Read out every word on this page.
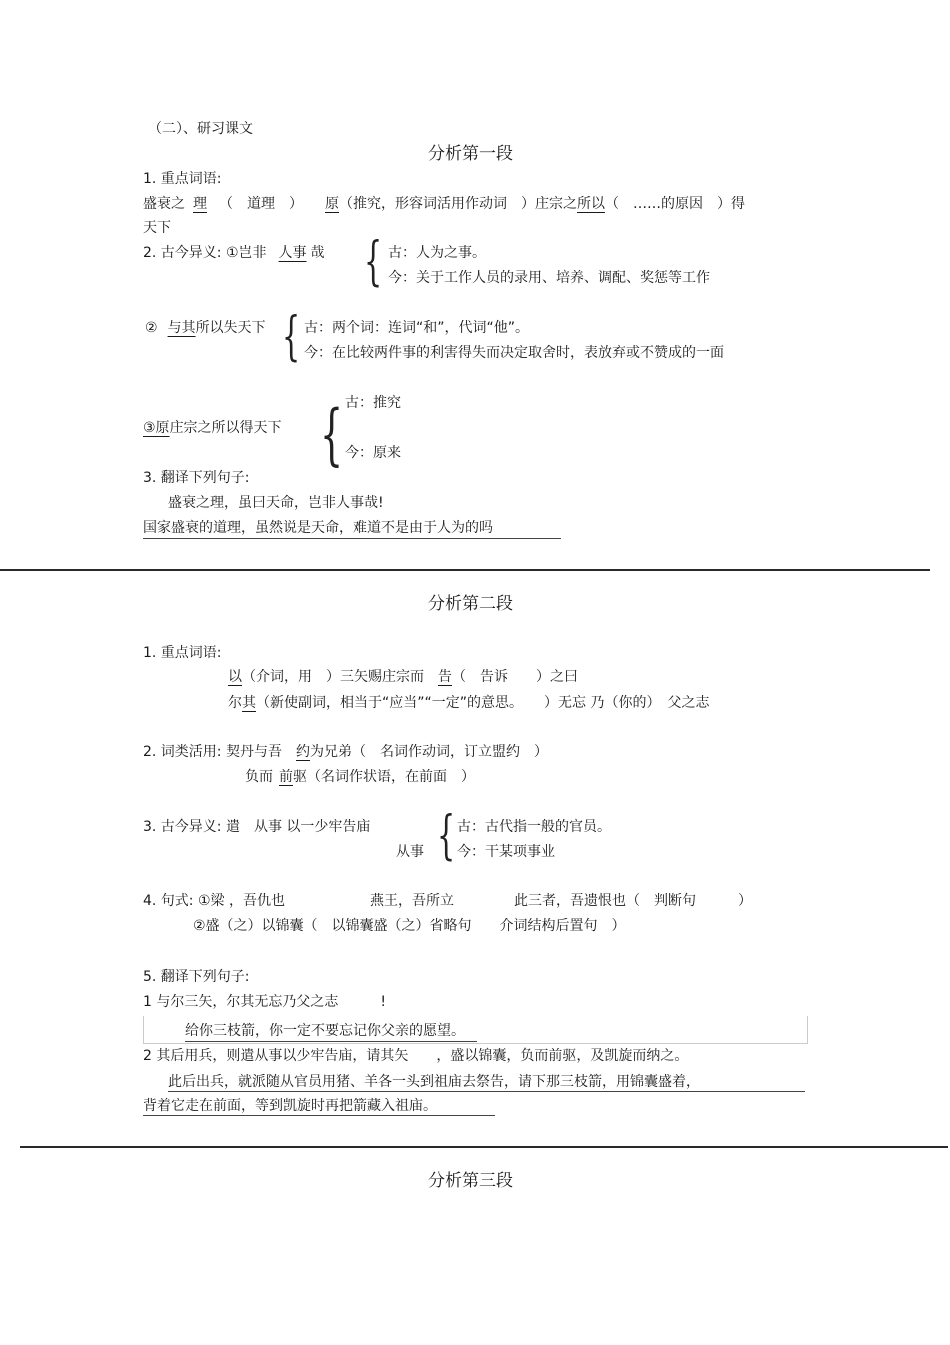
（二）、研习课文
分析第一段
1. 重点词语:
盛衰之 理 （　道理　） 原（推究，形容词活用作动词　）庄宗之所以（　……的原因　）得
天下
2. 古今异义: ①岂非 人事 哉 { 古：人为之事。
今：关于工作人员的录用、培养、调配、奖惩等工作
② 与其所以失天下 { 古：两个词：连词“和”，代词“他”。
今：在比较两件事的利害得失而决定取舍时，表放弃或不赞成的一面
古：推究
③原庄宗之所以得天下 { 今：原来
3. 翻译下列句子:
盛衰之理，虽曰天命，岂非人事哉!
国家盛衰的道理，虽然说是天命，难道不是由于人为的吗
分析第二段
1. 重点词语:
以（介词，用　）三矢赐庄宗而 告（　告诉　　）之曰
尔其（新使副词，相当于“应当”“一定”的意思。　　）无忘 乃（你的）　父之志
2. 词类活用: 契丹与吾 约为兄弟（　名词作动词，订立盟约　）
负而 前驱（名词作状语，在前面　）
3. 古今异义: 遣　从事 以一少牢告庙 { 古：古代指一般的官员。
从事 今：干某项事业
4. 句式: ①梁 ，吾仇也	燕王，吾所立	此三者，吾遗恨也（　判断句　　　）
②盛（之）以锦囊（　以锦囊盛（之）省略句　　介词结构后置句　）
5. 翻译下列句子:
1 与尔三矢，尔其无忘乃父之志　　　!
给你三枝箭，你一定不要忘记你父亲的愿望。
2 其后用兵，则遣从事以少牢告庙，请其矢　　，盛以锦囊，负而前驱，及凯旋而纳之。
此后出兵，就派随从官员用猪、羊各一头到祖庙去祭告，请下那三枝箭，用锦囊盛着，
背着它走在前面，等到凯旋时再把箭藏入祖庙。
分析第三段
